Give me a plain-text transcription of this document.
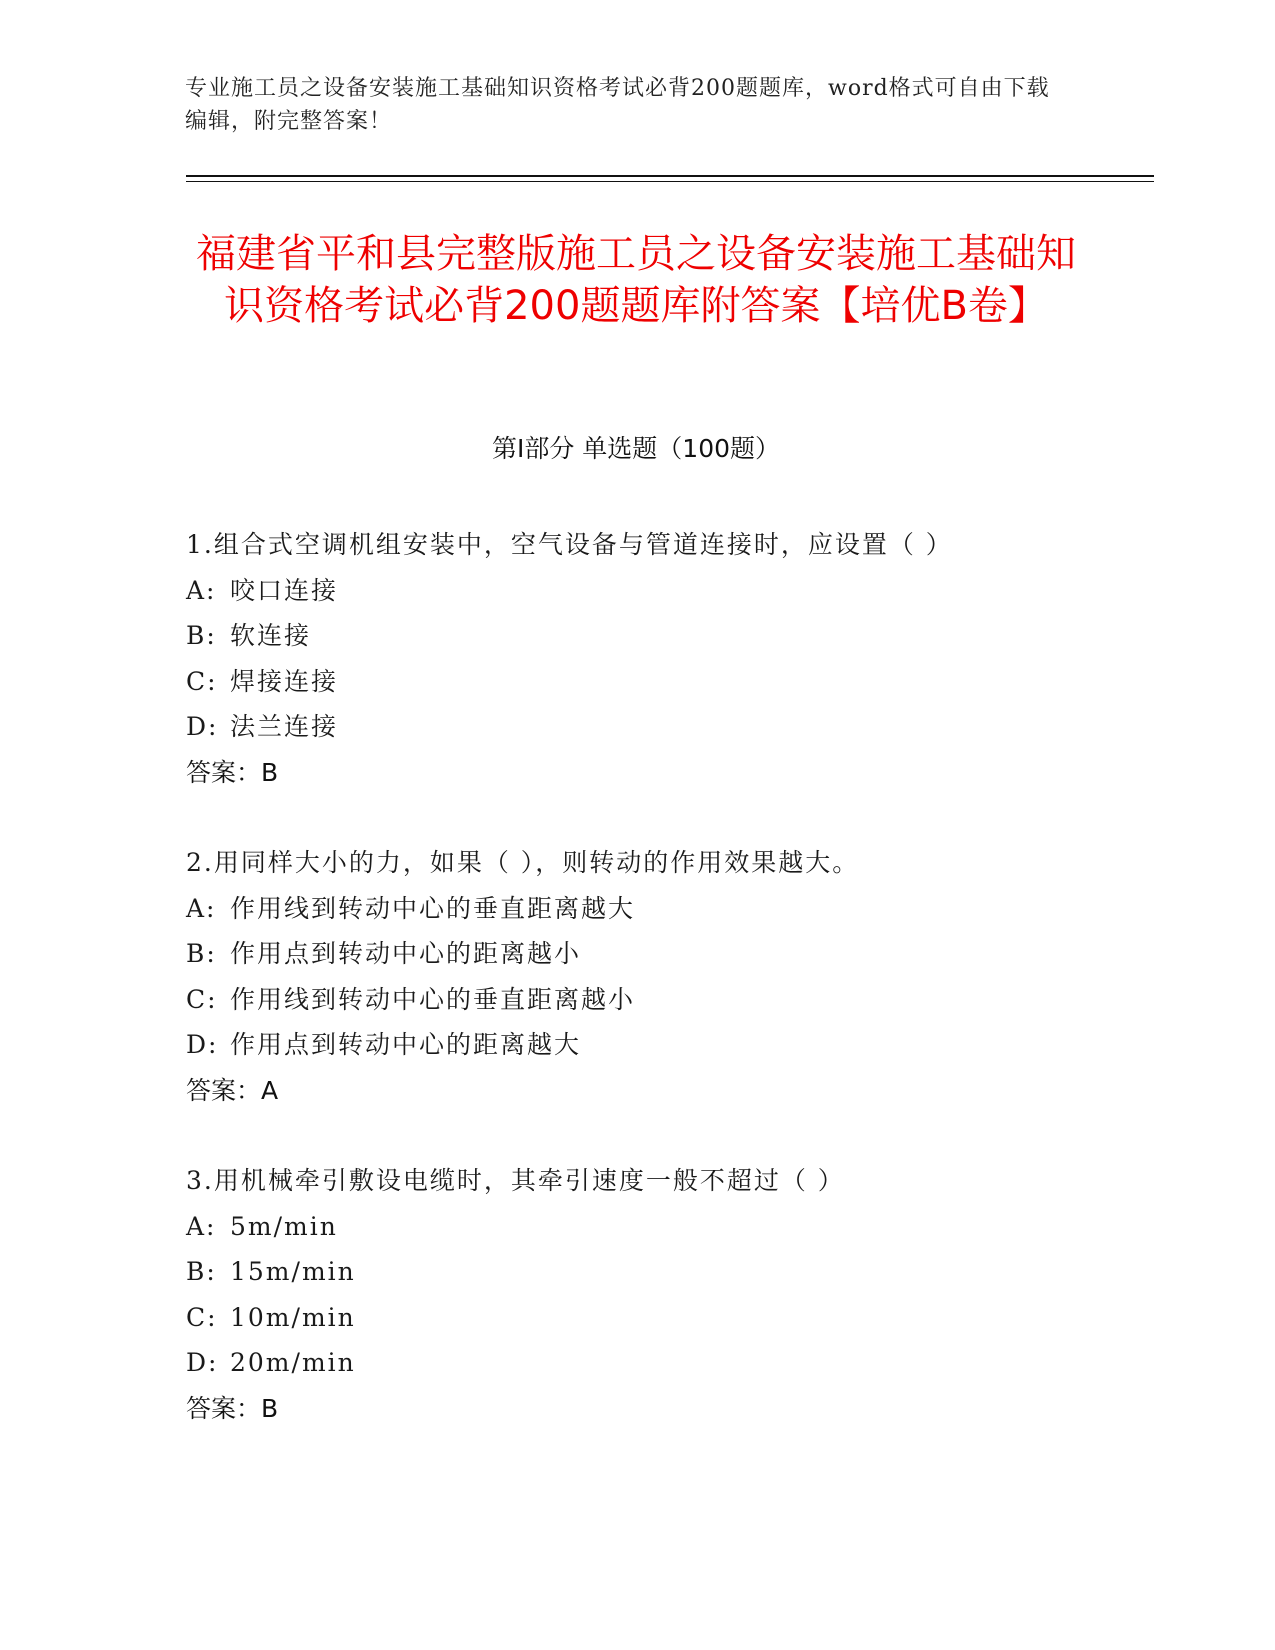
专业施工员之设备安装施工基础知识资格考试必背200题题库，word格式可自由下载编辑，附完整答案！
福建省平和县完整版施工员之设备安装施工基础知识资格考试必背200题题库附答案【培优B卷】
第Ⅰ部分 单选题（100题）
1.组合式空调机组安装中，空气设备与管道连接时，应设置（ ）
A: 咬口连接
B: 软连接
C: 焊接连接
D: 法兰连接
答案：B
2.用同样大小的力，如果（ ），则转动的作用效果越大。
A: 作用线到转动中心的垂直距离越大
B: 作用点到转动中心的距离越小
C: 作用线到转动中心的垂直距离越小
D: 作用点到转动中心的距离越大
答案：A
3.用机械牵引敷设电缆时，其牵引速度一般不超过（ ）
A: 5m/min
B: 15m/min
C: 10m/min
D: 20m/min
答案：B
